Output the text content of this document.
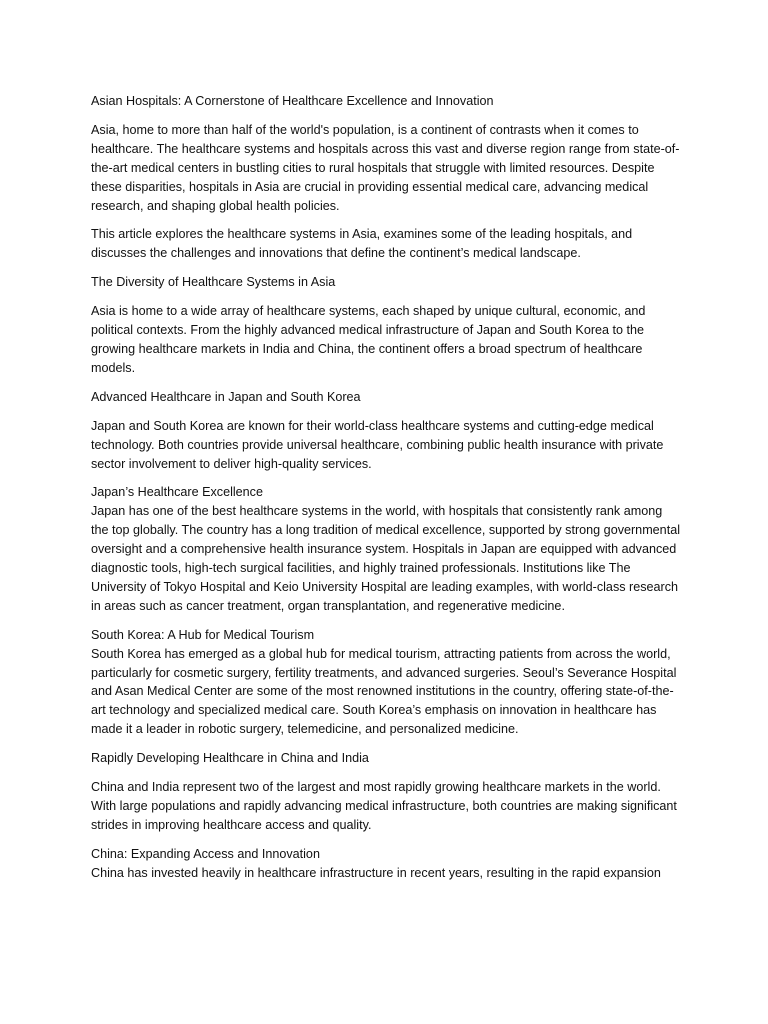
Asian Hospitals: A Cornerstone of Healthcare Excellence and Innovation

Asia, home to more than half of the world's population, is a continent of contrasts when it comes to healthcare. The healthcare systems and hospitals across this vast and diverse region range from state-of-the-art medical centers in bustling cities to rural hospitals that struggle with limited resources. Despite these disparities, hospitals in Asia are crucial in providing essential medical care, advancing medical research, and shaping global health policies.

This article explores the healthcare systems in Asia, examines some of the leading hospitals, and discusses the challenges and innovations that define the continent’s medical landscape.

The Diversity of Healthcare Systems in Asia

Asia is home to a wide array of healthcare systems, each shaped by unique cultural, economic, and political contexts. From the highly advanced medical infrastructure of Japan and South Korea to the growing healthcare markets in India and China, the continent offers a broad spectrum of healthcare models.

Advanced Healthcare in Japan and South Korea

Japan and South Korea are known for their world-class healthcare systems and cutting-edge medical technology. Both countries provide universal healthcare, combining public health insurance with private sector involvement to deliver high-quality services.

Japan’s Healthcare Excellence
Japan has one of the best healthcare systems in the world, with hospitals that consistently rank among the top globally. The country has a long tradition of medical excellence, supported by strong governmental oversight and a comprehensive health insurance system. Hospitals in Japan are equipped with advanced diagnostic tools, high-tech surgical facilities, and highly trained professionals. Institutions like The University of Tokyo Hospital and Keio University Hospital are leading examples, with world-class research in areas such as cancer treatment, organ transplantation, and regenerative medicine.

South Korea: A Hub for Medical Tourism
South Korea has emerged as a global hub for medical tourism, attracting patients from across the world, particularly for cosmetic surgery, fertility treatments, and advanced surgeries. Seoul’s Severance Hospital and Asan Medical Center are some of the most renowned institutions in the country, offering state-of-the-art technology and specialized medical care. South Korea’s emphasis on innovation in healthcare has made it a leader in robotic surgery, telemedicine, and personalized medicine.

Rapidly Developing Healthcare in China and India

China and India represent two of the largest and most rapidly growing healthcare markets in the world. With large populations and rapidly advancing medical infrastructure, both countries are making significant strides in improving healthcare access and quality.

China: Expanding Access and Innovation
China has invested heavily in healthcare infrastructure in recent years, resulting in the rapid expansion
